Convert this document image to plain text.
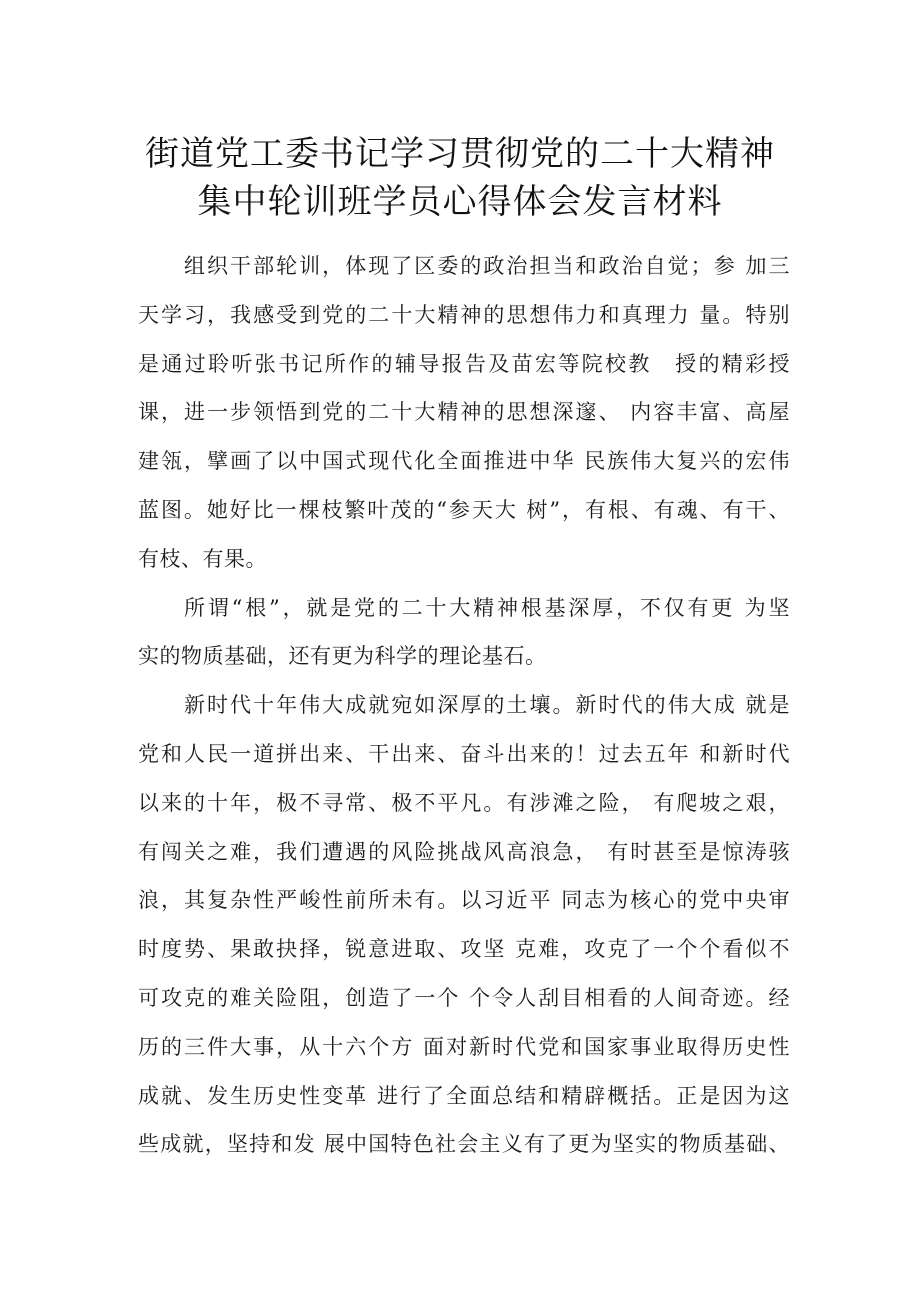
街道党工委书记学习贯彻党的二十大精神
集中轮训班学员心得体会发言材料
组织干部轮训，体现了区委的政治担当和政治自觉；参 加三
天学习，我感受到党的二十大精神的思想伟力和真理力 量。特别
是通过聆听张书记所作的辅导报告及苗宏等院校教　授的精彩授
课，进一步领悟到党的二十大精神的思想深邃、 内容丰富、高屋
建瓴，擘画了以中国式现代化全面推进中华 民族伟大复兴的宏伟
蓝图。她好比一棵枝繁叶茂的“参天大 树”，有根、有魂、有干、
有枝、有果。
所谓“根”，就是党的二十大精神根基深厚，不仅有更 为坚
实的物质基础，还有更为科学的理论基石。
新时代十年伟大成就宛如深厚的土壤。新时代的伟大成 就是
党和人民一道拼出来、干出来、奋斗出来的！过去五年 和新时代
以来的十年，极不寻常、极不平凡。有涉滩之险， 有爬坡之艰，
有闯关之难，我们遭遇的风险挑战风高浪急， 有时甚至是惊涛骇
浪，其复杂性严峻性前所未有。以习近平 同志为核心的党中央审
时度势、果敢抉择，锐意进取、攻坚 克难，攻克了一个个看似不
可攻克的难关险阻，创造了一个 个令人刮目相看的人间奇迹。经
历的三件大事，从十六个方 面对新时代党和国家事业取得历史性
成就、发生历史性变革 进行了全面总结和精辟概括。正是因为这
些成就，坚持和发 展中国特色社会主义有了更为坚实的物质基础、
